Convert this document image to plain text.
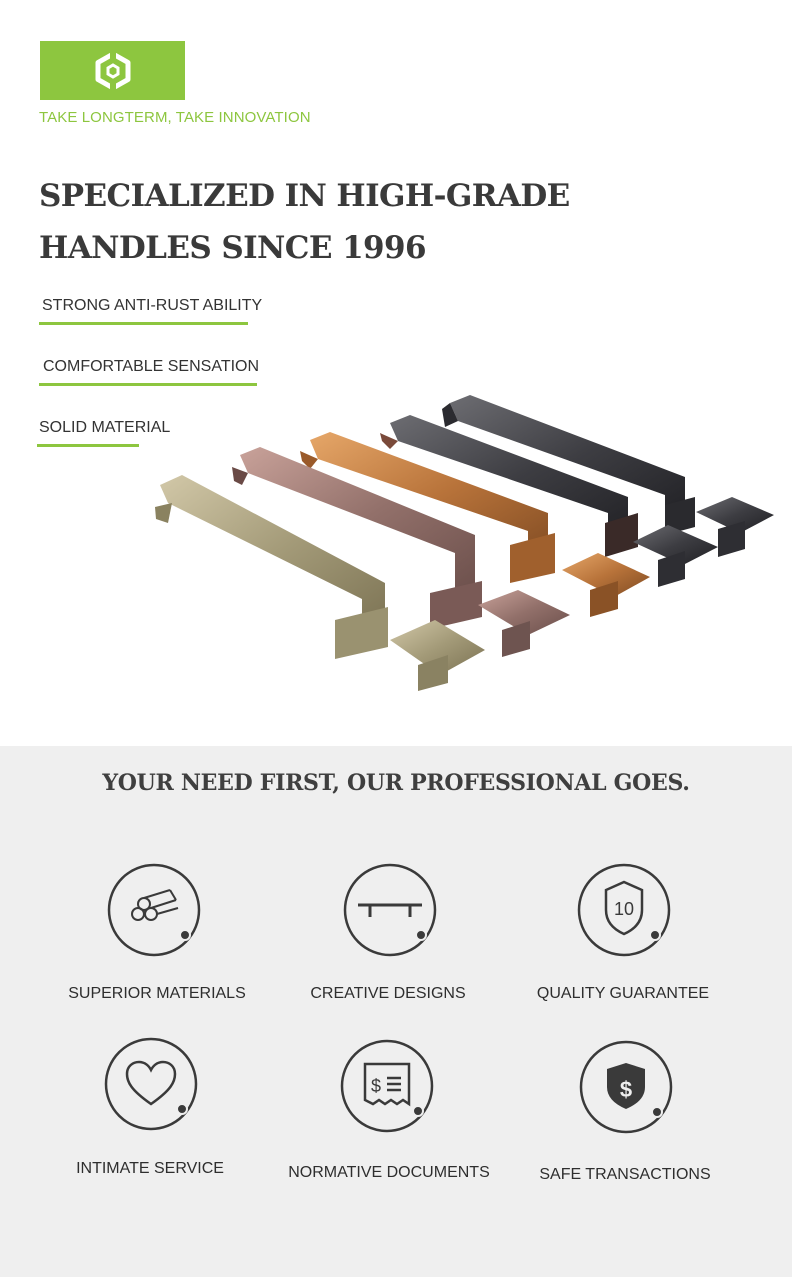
TAKE LONGTERM, TAKE INNOVATION
SPECIALIZED IN HIGH-GRADE
HANDLES SINCE 1996
STRONG ANTI-RUST ABILITY
COMFORTABLE SENSATION
SOLID MATERIAL
YOUR NEED FIRST, OUR PROFESSIONAL GOES.
SUPERIOR MATERIALS	CREATIVE DESIGNS
10
QUALITY GUARANTEE
INTIMATE SERVICE
$
NORMATIVE DOCUMENTS
$
SAFE TRANSACTIONS
